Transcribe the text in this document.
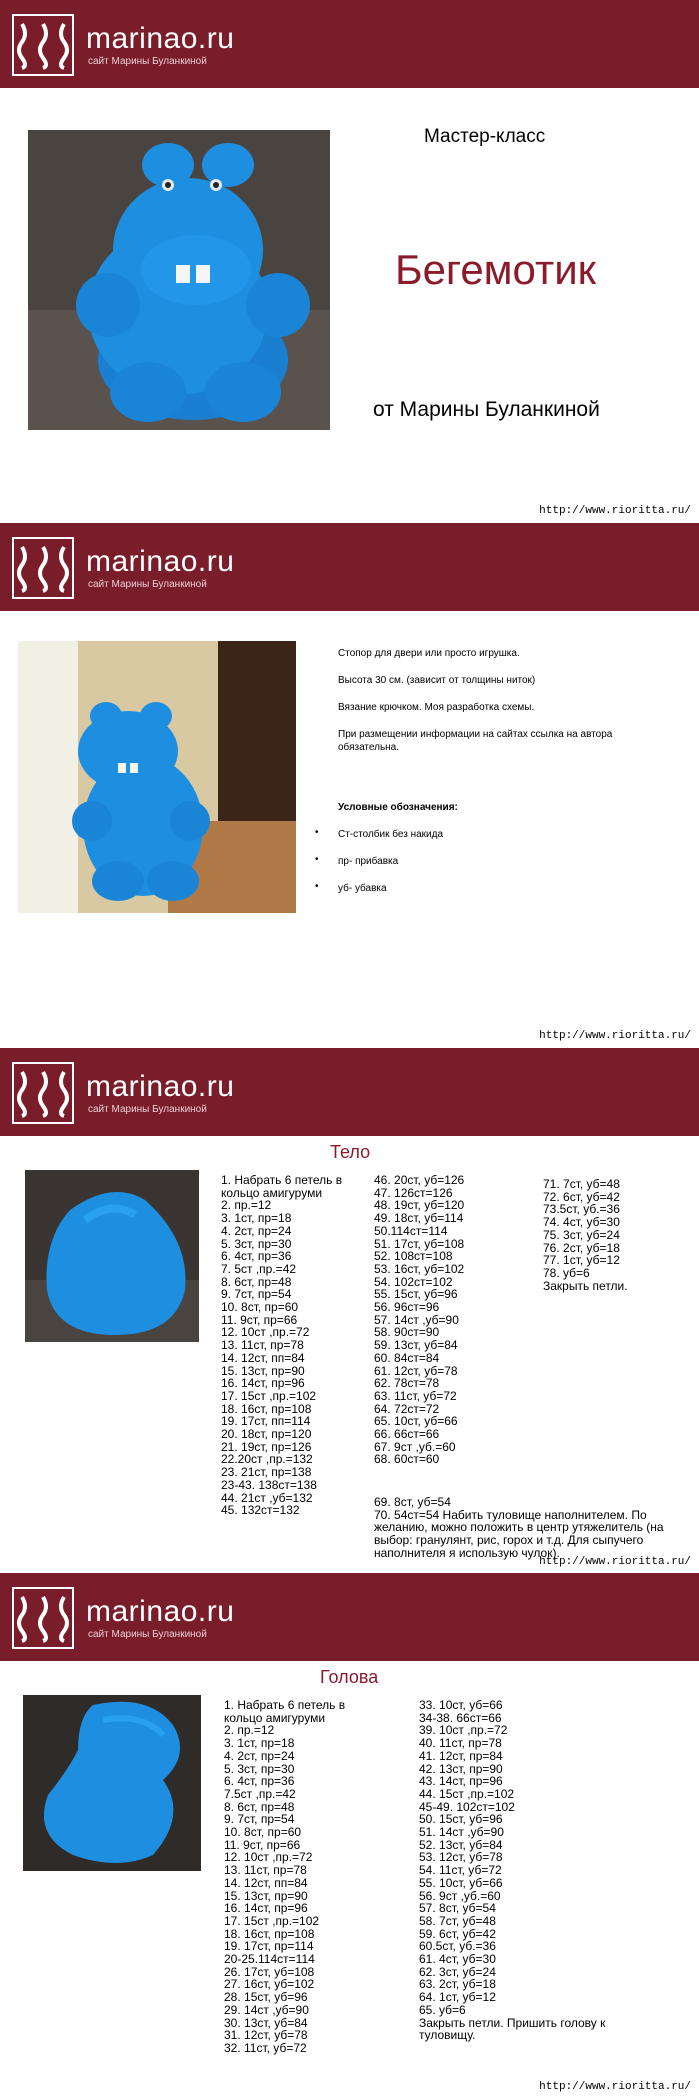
marinao.ru
сайт Марины Буланкиной
Мастер-класс
Бегемотик
от Марины Буланкиной
http://www.rioritta.ru/
marinao.ru
сайт Марины Буланкиной
Стопор для двери или просто игрушка.
Высота 30 см. (зависит от толщины ниток)
Вязание крючком. Моя разработка схемы.
При размещении информации на сайтах ссылка на автора обязательна.
Условные обозначения:
• Ст-столбик без накида
• пр- прибавка
• уб- убавка
http://www.rioritta.ru/
marinao.ru
сайт Марины Буланкиной
Тело
1. Набрать 6 петель в
кольцо амигуруми
2. пр.=12
3. 1ст, пр=18
4. 2ст, пр=24
5. 3ст, пр=30
6. 4ст, пр=36
7. 5ст ,пр.=42
8. 6ст, пр=48
9. 7ст, пр=54
10. 8ст, пр=60
11. 9ст, пр=66
12. 10ст ,пр.=72
13. 11ст, пр=78
14. 12ст, пп=84
15. 13ст, пр=90
16. 14ст, пр=96
17. 15ст ,пр.=102
18. 16ст, пр=108
19. 17ст, пп=114
20. 18ст, пр=120
21. 19ст, пр=126
22.20ст ,пр.=132
23. 21ст, пр=138
23-43. 138ст=138
44. 21ст ,уб=132
45. 132ст=132
46. 20ст, уб=126
47. 126ст=126
48. 19ст, уб=120
49. 18ст, уб=114
50.114ст=114
51. 17ст, уб=108
52. 108ст=108
53. 16ст, уб=102
54. 102ст=102
55. 15ст, уб=96
56. 96ст=96
57. 14ст ,уб=90
58. 90ст=90
59. 13ст, уб=84
60. 84ст=84
61. 12ст, уб=78
62. 78ст=78
63. 11ст, уб=72
64. 72ст=72
65. 10ст, уб=66
66. 66ст=66
67. 9ст ,уб.=60
68. 60ст=60
69. 8ст, уб=54
70. 54ст=54 Набить туловище наполнителем. По
желанию, можно положить в центр утяжелитель (на
выбор: гранулянт, рис, горох и т.д. Для сыпучего
наполнителя я использую чулок).
71. 7ст, уб=48
72. 6ст, уб=42
73.5ст, уб.=36
74. 4ст, уб=30
75. 3ст, уб=24
76. 2ст, уб=18
77. 1ст, уб=12
78. уб=6
Закрыть петли.
http://www.rioritta.ru/
marinao.ru
сайт Марины Буланкиной
Голова
1. Набрать 6 петель в
кольцо амигуруми
2. пр.=12
3. 1ст, пр=18
4. 2ст, пр=24
5. 3ст, пр=30
6. 4ст, пр=36
7.5ст ,пр.=42
8. 6ст, пр=48
9. 7ст, пр=54
10. 8ст, пр=60
11. 9ст, пр=66
12. 10ст ,пр.=72
13. 11ст, пр=78
14. 12ст, пп=84
15. 13ст, пр=90
16. 14ст, пр=96
17. 15ст ,пр.=102
18. 16ст, пр=108
19. 17ст, пр=114
20-25.114ст=114
26. 17ст, уб=108
27. 16ст, уб=102
28. 15ст, уб=96
29. 14ст ,уб=90
30. 13ст, уб=84
31. 12ст, уб=78
32. 11ст, уб=72
33. 10ст, уб=66
34-38. 66ст=66
39. 10ст ,пр.=72
40. 11ст, пр=78
41. 12ст, пр=84
42. 13ст, пр=90
43. 14ст, пр=96
44. 15ст ,пр.=102
45-49. 102ст=102
50. 15ст, уб=96
51. 14ст ,уб=90
52. 13ст, уб=84
53. 12ст, уб=78
54. 11ст, уб=72
55. 10ст, уб=66
56. 9ст ,уб.=60
57. 8ст, уб=54
58. 7ст, уб=48
59. 6ст, уб=42
60.5ст, уб.=36
61. 4ст, уб=30
62. 3ст, уб=24
63. 2ст, уб=18
64. 1ст, уб=12
65. уб=6
Закрыть петли. Пришить голову к
туловищу.
http://www.rioritta.ru/
